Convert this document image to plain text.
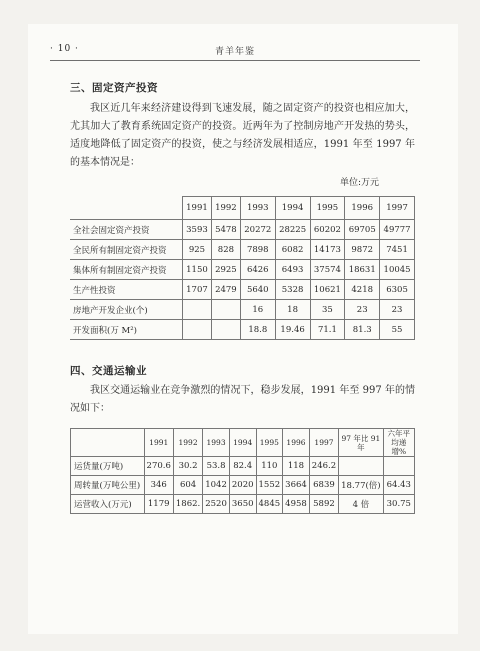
· 10 ·	青羊年鉴
三、固定资产投资
我区近几年来经济建设得到飞速发展，随之固定资产的投资也相应加大，尤其加大了教育系统固定资产的投资。近两年为了控制房地产开发热的势头，适度地降低了固定资产的投资，使之与经济发展相适应，1991 年至 1997 年的基本情况是：
单位:万元
	1991	1992	1993	1994	1995	1996	1997
全社会固定资产投资	3593	5478	20272	28225	60202	69705	49777
全民所有制固定资产投资	925	828	7898	6082	14173	9872	7451
集体所有制固定资产投资	1150	2925	6426	6493	37574	18631	10045
生产性投资	1707	2479	5640	5328	10621	4218	6305
房地产开发企业(个)			16	18	35	23	23
开发面积(万 M²)			18.8	19.46	71.1	81.3	55
四、交通运输业
我区交通运输业在竞争激烈的情况下，稳步发展，1991 年至 997 年的情况如下：
	1991	1992	1993	1994	1995	1996	1997	97 年比 91 年	六年平均递增%
运货量(万吨)	270.6	30.2	53.8	82.4	110	118	246.2		
周转量(万吨公里)	346	604	1042	2020	1552	3664	6839	18.77(倍)	64.43
运营收入(万元)	1179	1862.	2520	3650	4845	4958	5892	4 倍	30.75
